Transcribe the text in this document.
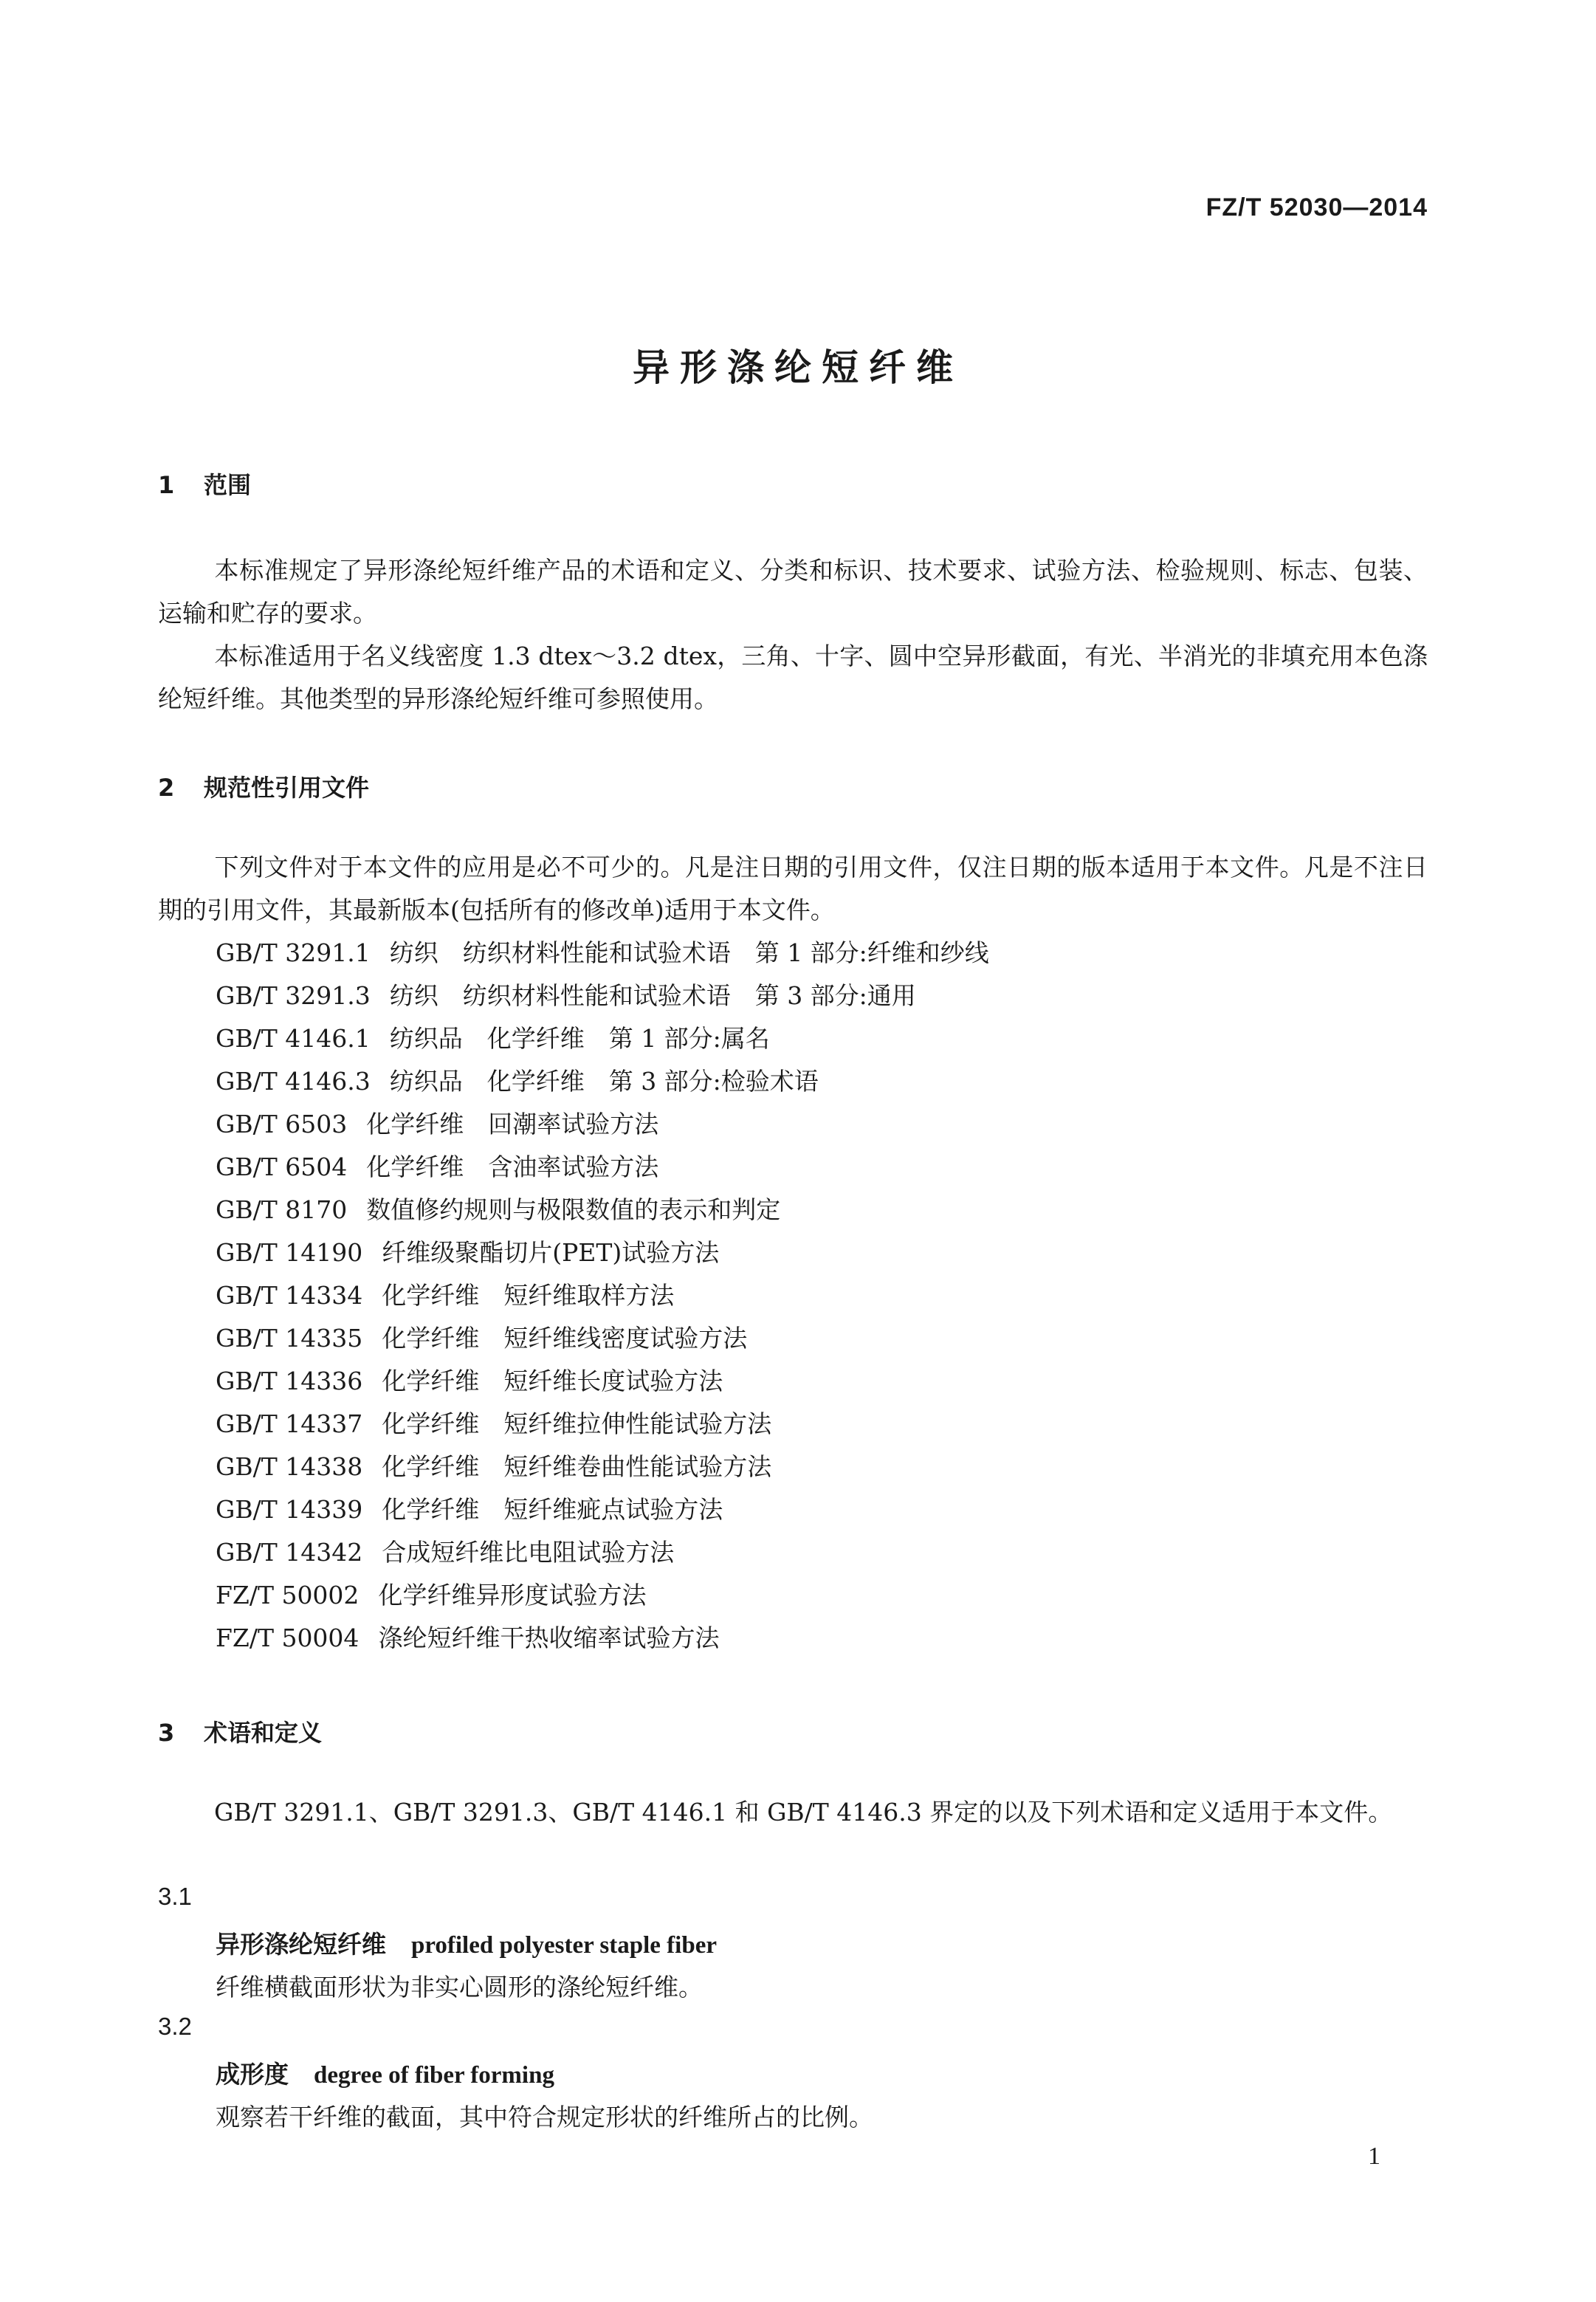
FZ/T 52030—2014
异形涤纶短纤维
1 范围
本标准规定了异形涤纶短纤维产品的术语和定义、分类和标识、技术要求、试验方法、检验规则、标志、包装、运输和贮存的要求。
本标准适用于名义线密度 1.3 dtex～3.2 dtex，三角、十字、圆中空异形截面，有光、半消光的非填充用本色涤纶短纤维。其他类型的异形涤纶短纤维可参照使用。
2 规范性引用文件
下列文件对于本文件的应用是必不可少的。凡是注日期的引用文件，仅注日期的版本适用于本文件。凡是不注日期的引用文件，其最新版本(包括所有的修改单)适用于本文件。
GB/T 3291.1 纺织　纺织材料性能和试验术语　第 1 部分:纤维和纱线
GB/T 3291.3 纺织　纺织材料性能和试验术语　第 3 部分:通用
GB/T 4146.1 纺织品　化学纤维　第 1 部分:属名
GB/T 4146.3 纺织品　化学纤维　第 3 部分:检验术语
GB/T 6503 化学纤维　回潮率试验方法
GB/T 6504 化学纤维　含油率试验方法
GB/T 8170 数值修约规则与极限数值的表示和判定
GB/T 14190 纤维级聚酯切片(PET)试验方法
GB/T 14334 化学纤维　短纤维取样方法
GB/T 14335 化学纤维　短纤维线密度试验方法
GB/T 14336 化学纤维　短纤维长度试验方法
GB/T 14337 化学纤维　短纤维拉伸性能试验方法
GB/T 14338 化学纤维　短纤维卷曲性能试验方法
GB/T 14339 化学纤维　短纤维疵点试验方法
GB/T 14342 合成短纤维比电阻试验方法
FZ/T 50002 化学纤维异形度试验方法
FZ/T 50004 涤纶短纤维干热收缩率试验方法
3 术语和定义
GB/T 3291.1、GB/T 3291.3、GB/T 4146.1 和 GB/T 4146.3 界定的以及下列术语和定义适用于本文件。
3.1
异形涤纶短纤维 profiled polyester staple fiber
纤维横截面形状为非实心圆形的涤纶短纤维。
3.2
成形度 degree of fiber forming
观察若干纤维的截面，其中符合规定形状的纤维所占的比例。
1
